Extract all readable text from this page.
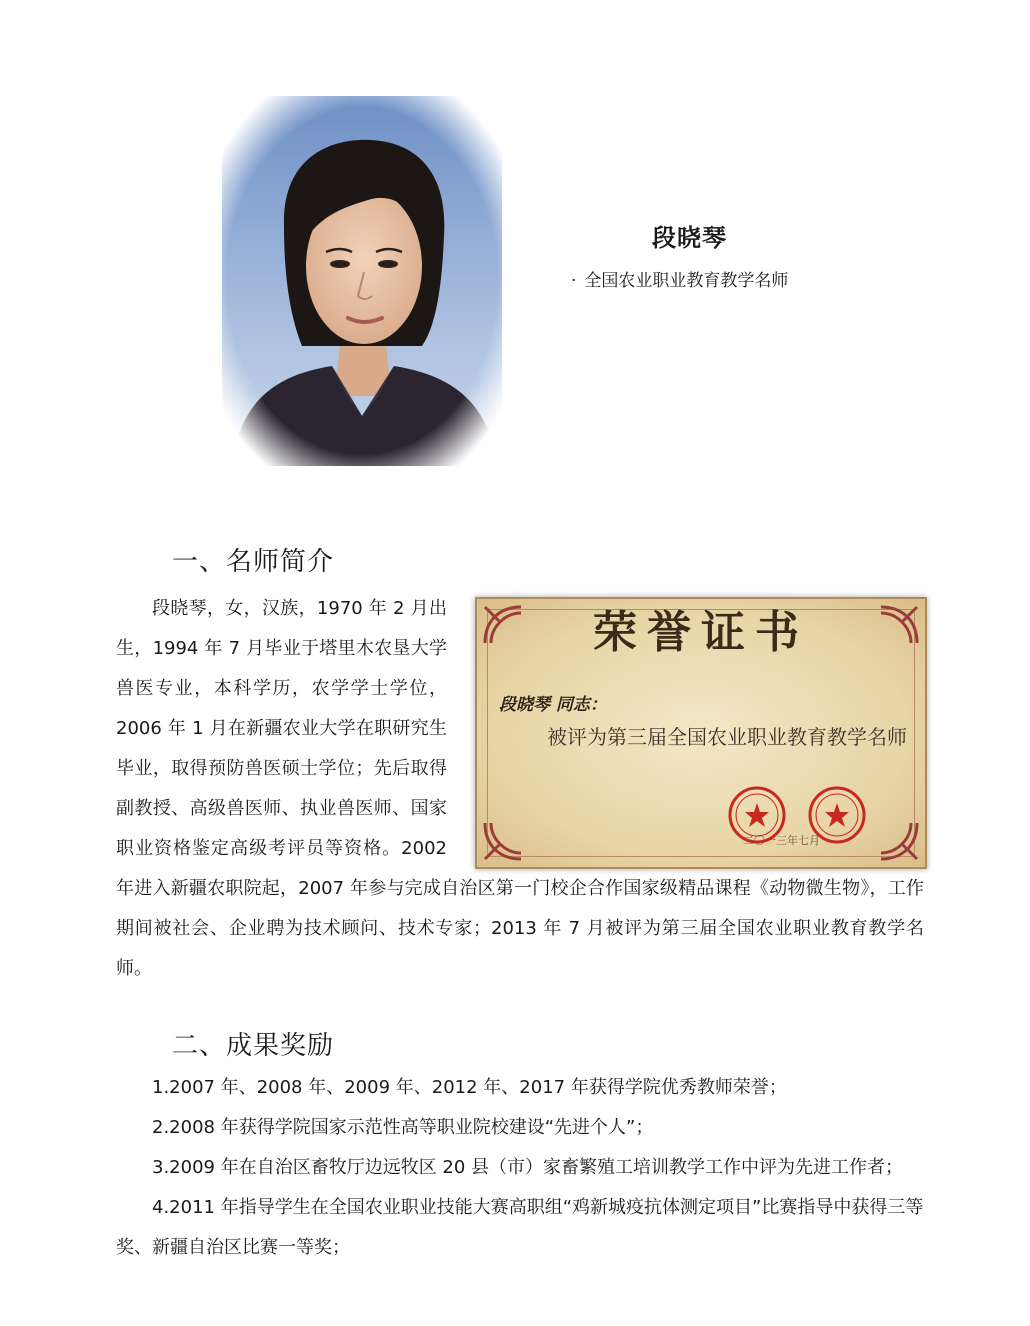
段晓琴
· 全国农业职业教育教学名师
一、名师简介
荣誉证书
段晓琴 同志：
被评为第三届全国农业职业教育教学名师
二〇一三年七月

段晓琴，女，汉族，1970 年 2 月出生，1994 年 7 月毕业于塔里木农垦大学兽医专业，本科学历，农学学士学位，2006 年 1 月在新疆农业大学在职研究生毕业，取得预防兽医硕士学位；先后取得副教授、高级兽医师、执业兽医师、国家职业资格鉴定高级考评员等资格。2002 年进入新疆农职院起，2007 年参与完成自治区第一门校企合作国家级精品课程《动物微生物》，工作期间被社会、企业聘为技术顾问、技术专家；2013 年 7 月被评为第三届全国农业职业教育教学名师。

二、成果奖励

1.2007 年、2008 年、2009 年、2012 年、2017 年获得学院优秀教师荣誉；

2.2008 年获得学院国家示范性高等职业院校建设“先进个人”；

3.2009 年在自治区畜牧厅边远牧区 20 县（市）家畜繁殖工培训教学工作中评为先进工作者；

4.2011 年指导学生在全国农业职业技能大赛高职组“鸡新城疫抗体测定项目”比赛指导中获得三等奖、新疆自治区比赛一等奖；
